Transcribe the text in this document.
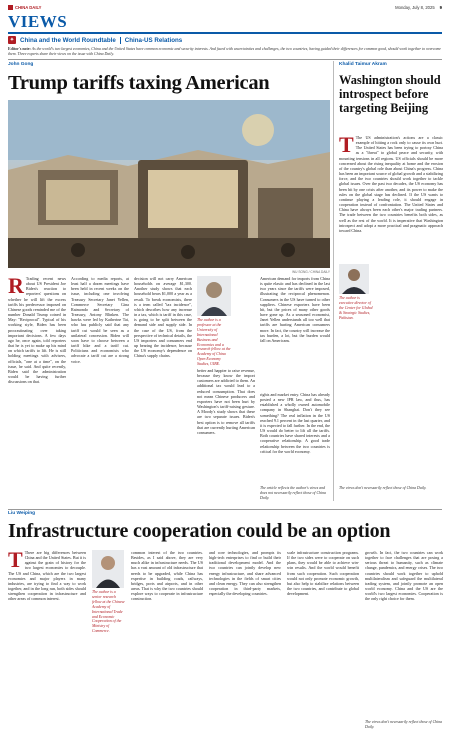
CHINA DAILY	Monday, July 8, 2025 9
VIEWS
✦ China and the World Roundtable China-US Relations
Editor's note: As the world's two largest economies, China and the United States have common economic and security interests. And faced with uncertainties and challenges, the two countries, having guided their differences for common good, should work together to overcome them. Three experts share their views on the issue with China Daily.
John Gong
Trump tariffs taxing American
WU SONG / CHINA DAILY
R Trading recent news about US President Joe Biden's reaction to reporters' questions on whether he will lift the excess tariffs his predecessor imposed on Chinese goods reminded me of the number Donald Trump coined in May: "Reciprocal". Typical of his working style, Biden has been procrastinating over taking important decisions. A few days ago he, once again, told reporters that he is yet to make up his mind on which tariffs to lift. He is still holding meetings with advisers, officials, "one at a time", on the issue, he said. And quite recently, Biden said the administration would be having further discussions on that.
According to media reports, at least half a dozen meetings have been held in recent weeks on the issue, including one involving Treasury Secretary Janet Yellen, Commerce Secretary Gina Raimondo and Secretary of Treasury, Antony Blinken. The hawks were led by Katherine Tai, who has publicly said that any tariff cut would be seen as a unilateral concession. Biden will soon have to choose between a tariff hike and a tariff cut. Politicians and economists who advocate a tariff cut are a strong voice.
decision will not carry American households on average $1,300. Another study shows that each household bears $1,000 a year as a result. To break economists, there is a term called "tax incidence", which describes how any increase in a tax, which is tariff in this case, is going to be split between the demand side and supply side. In the case of the US, from the perspective of technical details, the US importers and consumers end up bearing the incidence, because the US economy's dependence on China's supply chains.
The author is a professor at the University of International Business and Economics and a research fellow at the Academy of China Open Economy Studies, UIBE.
better and happier to raise revenue, because they know the import customers are addicted to them. An additional tax would lead to a reduced consumption. That does not mean Chinese producers and exporters have not been hurt by Washington's tariff-raising gesture. A Moody's study shows that these are two separate issues. Biden's best option is to remove all tariffs that are currently hurting American consumers.
American demand for imports from China is quite elastic and has declined in the last two years since the tariffs were imposed, illustrating the reciprocal phenomenon. Consumers in the US have turned to other suppliers. Chinese exporters have been hit, but the prices of many other goods have gone up. As a seasoned economist, Janet Yellen understands all too well that tariffs are hurting American consumers more. In fact, the country will increase the tax burden, a lot, but the burden would fall on Americans.
rights and market entry. China has already posted a new IPR law, and thus, has established a wholly owned automobile company in Shanghai. Don't they see something? The real inflation in the US reached 9.1 percent in the last quarter, and it is expected to fall further. In the end, the US would do better to lift all the tariffs. Both countries have shared interests and a cooperative relationship. A good trade relationship between the two countries is critical for the world economy.
The article reflects the author's views and does not necessarily reflect those of China Daily.
Khalid Taimur Akram
Washington should introspect before targeting Beijing
T The US administration's actions are a classic example of hitting a rock only to cause its own hurt. The United States has been trying to portray China as a "threat" to global peace and security, with mounting tensions in all regions. US officials should be more concerned about the rising inequality at home and the erosion of the country's global role than about China's progress. China has been an important source of global growth and a stabilizing force, and the two countries should work together to tackle global issues. Over the past two decades, the US economy has been hit by one crisis after another, and its power to make the rules on the global stage has declined. If the US wants to continue playing a leading role, it should engage in cooperation instead of confrontation. The United States and China have always been each other's major trading partners. The trade between the two countries benefits both sides, as well as the rest of the world. It is imperative that Washington introspect and adopt a more practical and pragmatic approach toward China.
The author is executive director of the Center for Global & Strategic Studies, Pakistan.
The views don't necessarily reflect those of China Daily.
Liu Weiping
Infrastructure cooperation could be an option
T There are big differences between China and the United States. But it is against the grain of history for the two largest economies to decouple. The US and China, which are the two largest economies and major players in many industries, are trying to find a way to work together, and in the long run, both sides should strengthen cooperation in infrastructure and other areas of common interest.
The author is a senior research fellow at the Chinese Academy of International Trade and Economic Cooperation of the Ministry of Commerce.
common interest of the two countries. Besides, as I said above, they are very much alike in infrastructure needs. The US has a vast amount of old infrastructure that needs to be upgraded, while China has expertise in building roads, railways, bridges, ports and airports, and in other areas. That is why the two countries should explore ways to cooperate in infrastructure construction.
and core technologies, and prompts its high-tech enterprises to find or build their traditional development model. And the two countries can jointly develop new energy infrastructure, and share advanced technologies in the fields of smart cities and clean energy. They can also strengthen cooperation in third-party markets, especially the developing countries.
scale infrastructure construction programs. If the two sides were to cooperate on such plans, they would be able to achieve win-win results. And the world would benefit from such cooperation. Such cooperation would not only promote economic growth, but also help to stabilize relations between the two countries, and contribute to global development.
growth. In fact, the two countries can work together to face challenges that are posing a serious threat to humanity, such as climate change, pandemics, and energy crises. The two countries should work together to uphold multilateralism and safeguard the multilateral trading system, and jointly promote an open world economy. China and the US are the world's two largest economies. Cooperation is the only right choice for them.
The views don't necessarily reflect those of China Daily.
